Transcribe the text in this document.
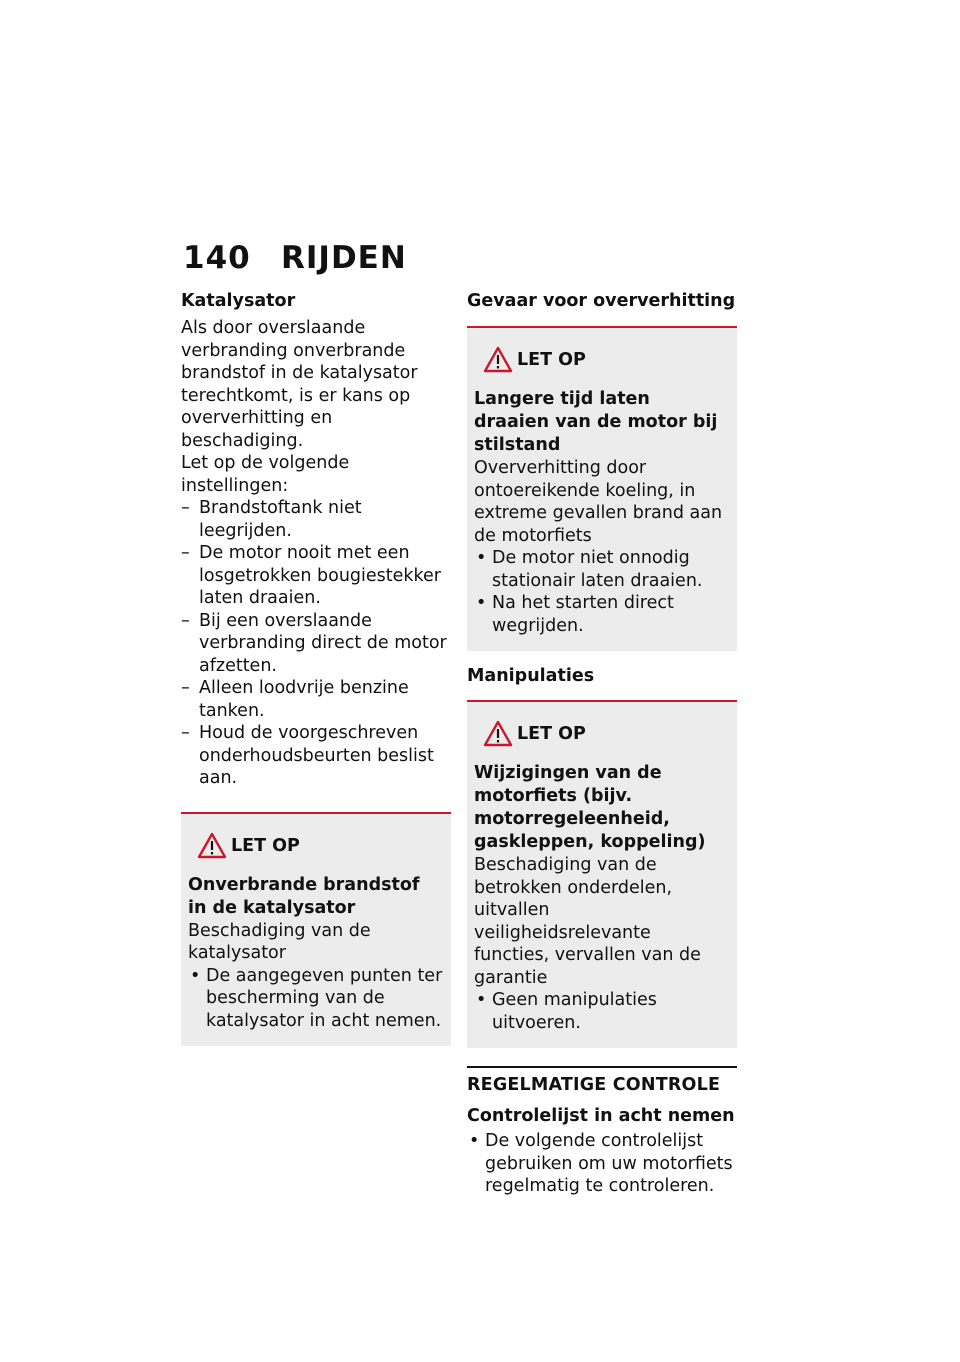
140 RIJDEN

Katalysator

Als door overslaande verbranding onverbrande brandstof in de katalysator terechtkomt, is er kans op oververhitting en beschadiging.

Let op de volgende instellingen:

– Brandstoftank niet leegrijden.
– De motor nooit met een losgetrokken bougiestekker laten draaien.
– Bij een overslaande verbranding direct de motor afzetten.
– Alleen loodvrije benzine tanken.
– Houd de voorgeschreven onderhoudsbeurten beslist aan.
LET OP

Onverbrande brandstof in de katalysator

Beschadiging van de katalysator

• De aangegeven punten ter bescherming van de katalysator in acht nemen.

Gevaar voor oververhitting

LET OP

Langere tijd laten draaien van de motor bij stilstand

Oververhitting door ontoereikende koeling, in extreme gevallen brand aan de motorfiets

• De motor niet onnodig stationair laten draaien.
• Na het starten direct wegrijden.

Manipulaties

LET OP

Wijzigingen van de motorfiets (bijv. motorregeleenheid, gaskleppen, koppeling)

Beschadiging van de betrokken onderdelen, uitvallen veiligheidsrelevante functies, vervallen van de garantie

• Geen manipulaties uitvoeren.

REGELMATIGE CONTROLE

Controlelijst in acht nemen

• De volgende controlelijst gebruiken om uw motorfiets regelmatig te controleren.
